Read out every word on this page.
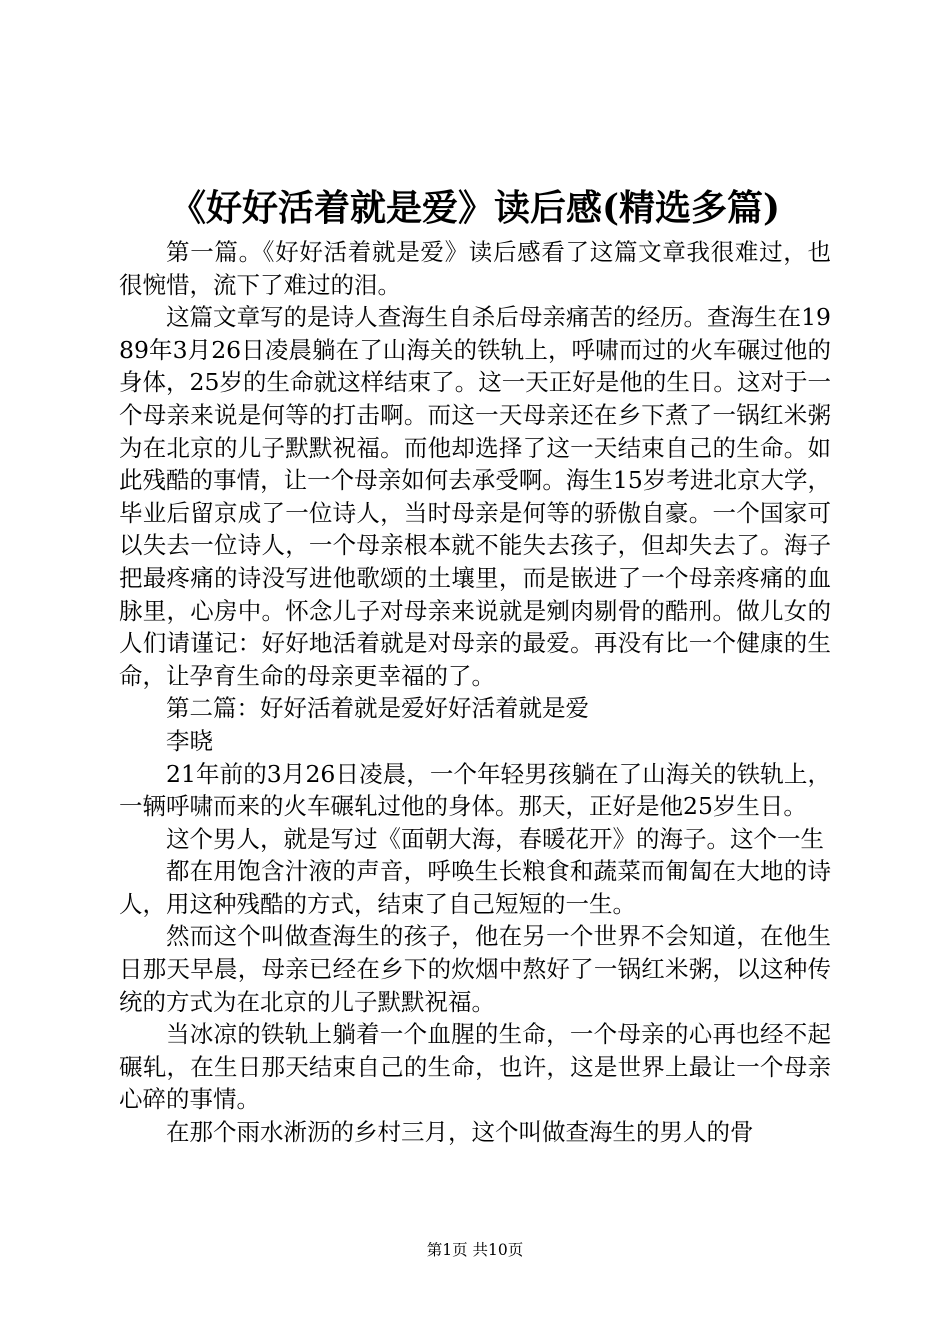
《好好活着就是爱》读后感(精选多篇)

第一篇。《好好活着就是爱》读后感看了这篇文章我很难过，也很惋惜，流下了难过的泪。

这篇文章写的是诗人查海生自杀后母亲痛苦的经历。查海生在1989年3月26日凌晨躺在了山海关的铁轨上，呼啸而过的火车碾过他的身体，25岁的生命就这样结束了。这一天正好是他的生日。这对于一个母亲来说是何等的打击啊。而这一天母亲还在乡下煮了一锅红米粥为在北京的儿子默默祝福。而他却选择了这一天结束自己的生命。如此残酷的事情，让一个母亲如何去承受啊。海生15岁考进北京大学，毕业后留京成了一位诗人，当时母亲是何等的骄傲自豪。一个国家可以失去一位诗人，一个母亲根本就不能失去孩子，但却失去了。海子把最疼痛的诗没写进他歌颂的土壤里，而是嵌进了一个母亲疼痛的血脉里，心房中。怀念儿子对母亲来说就是剜肉剔骨的酷刑。做儿女的人们请谨记：好好地活着就是对母亲的最爱。再没有比一个健康的生命，让孕育生命的母亲更幸福的了。

第二篇：好好活着就是爱好好活着就是爱

李晓

21年前的3月26日凌晨，一个年轻男孩躺在了山海关的铁轨上，一辆呼啸而来的火车碾轧过他的身体。那天，正好是他25岁生日。

这个男人，就是写过《面朝大海，春暖花开》的海子。这个一生

都在用饱含汁液的声音，呼唤生长粮食和蔬菜而匍匐在大地的诗人，用这种残酷的方式，结束了自己短短的一生。

然而这个叫做查海生的孩子，他在另一个世界不会知道，在他生日那天早晨，母亲已经在乡下的炊烟中熬好了一锅红米粥，以这种传统的方式为在北京的儿子默默祝福。

当冰凉的铁轨上躺着一个血腥的生命，一个母亲的心再也经不起碾轧，在生日那天结束自己的生命，也许，这是世界上最让一个母亲心碎的事情。

在那个雨水淅沥的乡村三月，这个叫做查海生的男人的骨

第1页 共10页
